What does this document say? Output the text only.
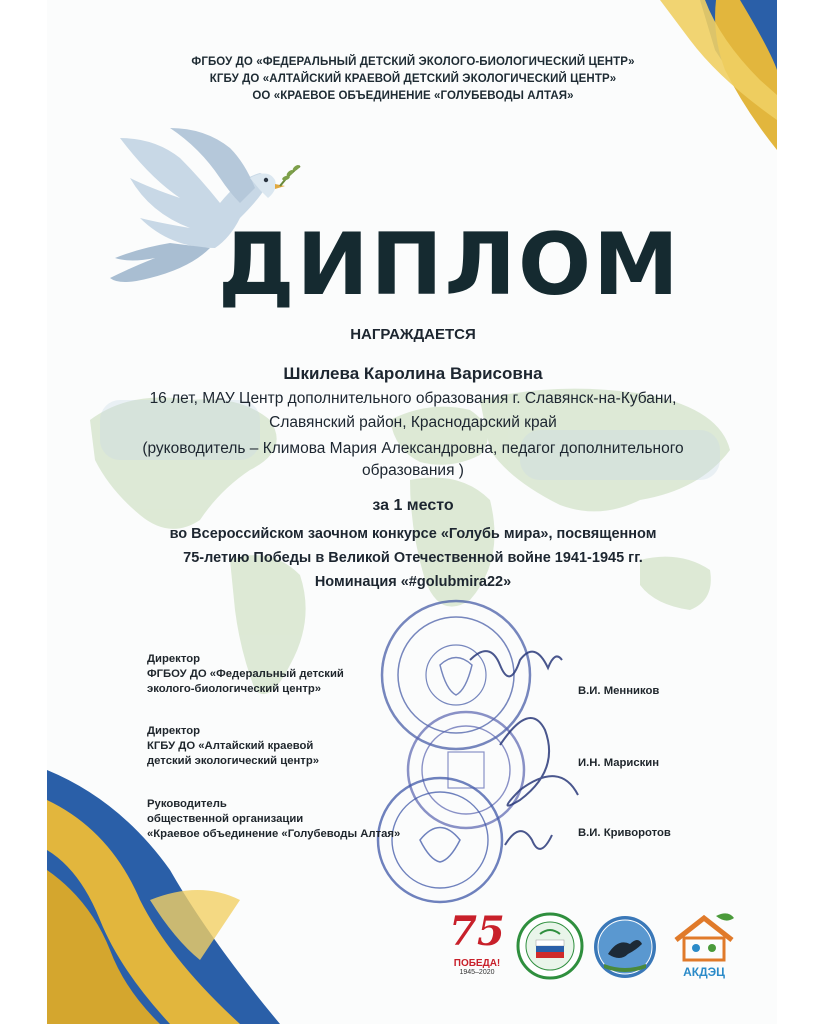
ФГБОУ ДО «ФЕДЕРАЛЬНЫЙ ДЕТСКИЙ ЭКОЛОГО-БИОЛОГИЧЕСКИЙ ЦЕНТР»
КГБУ ДО «АЛТАЙСКИЙ КРАЕВОЙ ДЕТСКИЙ ЭКОЛОГИЧЕСКИЙ ЦЕНТР»
ОО «КРАЕВОЕ ОБЪЕДИНЕНИЕ «ГОЛУБЕВОДЫ АЛТАЯ»
ДИПЛОМ
НАГРАЖДАЕТСЯ
Шкилева Каролина Варисовна
16 лет, МАУ Центр дополнительного образования г. Славянск-на-Кубани,
Славянский район, Краснодарский край
(руководитель – Климова Мария Александровна, педагог дополнительного
образования )
за 1 место
во Всероссийском заочном конкурсе «Голубь мира», посвященном
75-летию Победы в Великой Отечественной войне 1941-1945 гг.
Номинация «#golubmira22»
Директор
ФГБОУ ДО «Федеральный детский
эколого-биологический центр»	В.И. Менников
Директор
КГБУ ДО «Алтайский краевой
детский экологический центр»	И.Н. Марискин
Руководитель
общественной организации
«Краевое объединение «Голубеводы Алтая»	В.И. Криворотов
75
ПОБЕДА!
1945–2020	АКДЭЦ
